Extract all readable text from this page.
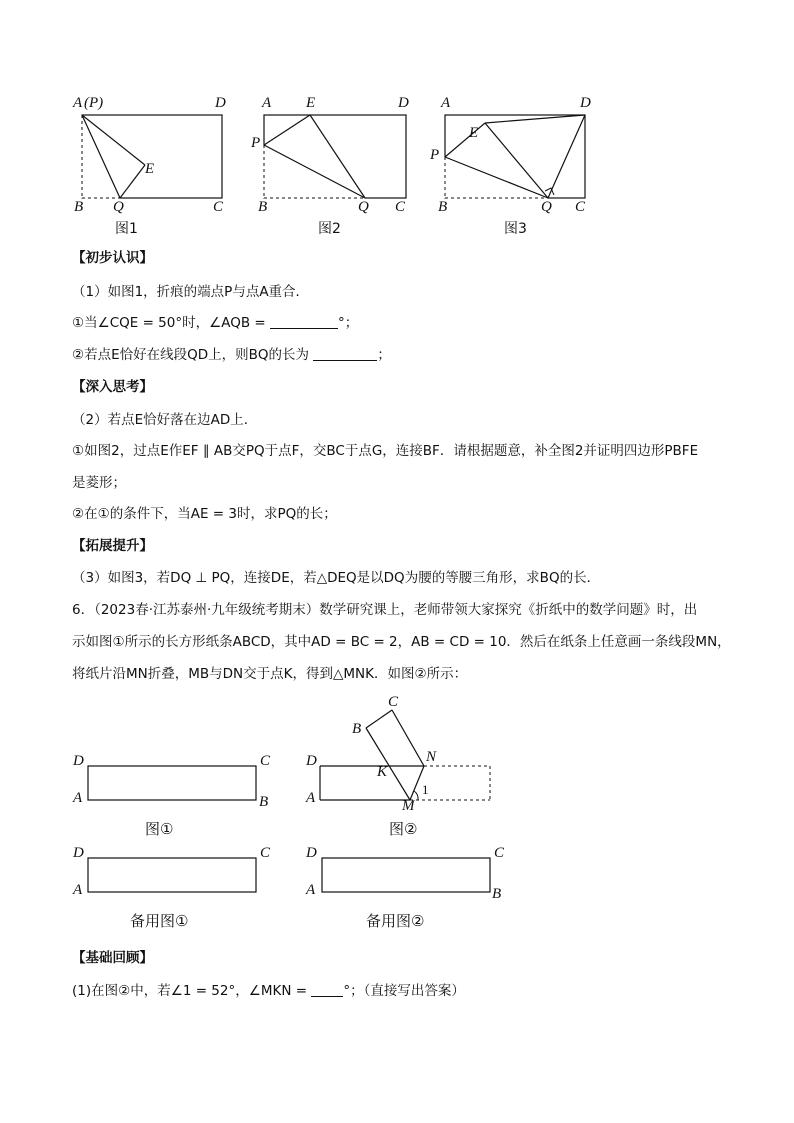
A (P)	D
B Q	C
E
图1
A E	D
P
B	Q C
图2
A	D
E
P
B	Q C
图3
【初步认识】
（1）如图1，折痕的端点P与点A重合．
①当∠CQE = 50°时，∠AQB =	°；
②若点E恰好在线段QD上，则BQ的长为	；
【深入思考】
（2）若点E恰好落在边AD上．
①如图2，过点E作EF ∥ AB交PQ于点F，交BC于点G，连接BF．请根据题意，补全图2并证明四边形PBFE
是菱形；
②在①的条件下，当AE = 3时，求PQ的长；
【拓展提升】
（3）如图3，若DQ ⊥ PQ，连接DE，若△DEQ是以DQ为腰的等腰三角形，求BQ的长．
6．（2023春·江苏泰州·九年级统考期末）数学研究课上，老师带领大家探究《折纸中的数学问题》时，出
示如图①所示的长方形纸条ABCD，其中AD = BC = 2，AB = CD = 10．然后在纸条上任意画一条线段MN，
将纸片沿MN折叠，MB与DN交于点K，得到△MNK．如图②所示：
D	C
A	B
图①
C
B
D	N
K
A	M
1
图②
D	C
A
备用图①
D	C
A	B
备用图②
【基础回顾】
(1)在图②中，若∠1 = 52°，∠MKN =	°；（直接写出答案）
